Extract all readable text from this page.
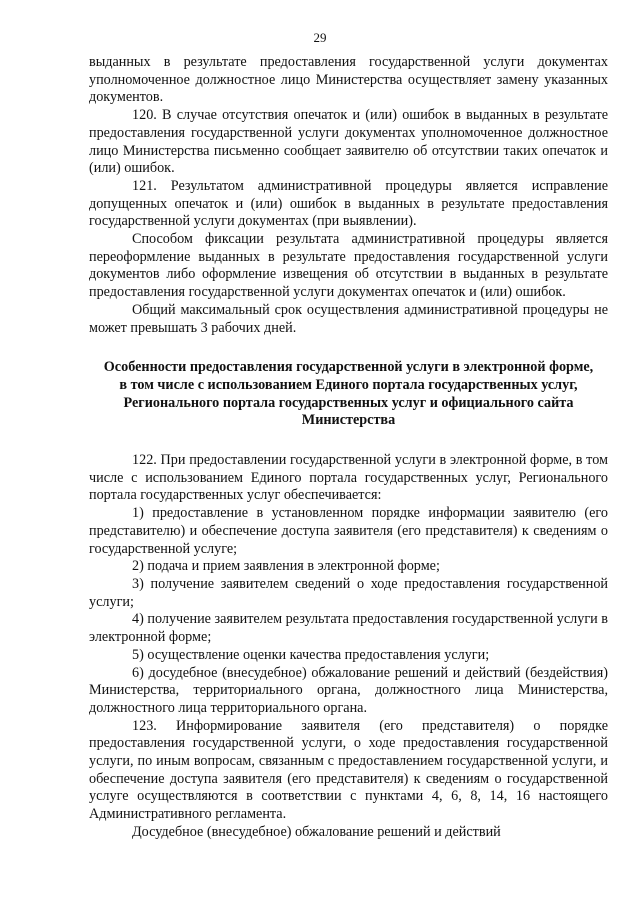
29

выданных в результате предоставления государственной услуги документах уполномоченное должностное лицо Министерства осуществляет замену указанных документов.

120. В случае отсутствия опечаток и (или) ошибок в выданных в результате предоставления государственной услуги документах уполномоченное должностное лицо Министерства письменно сообщает заявителю об отсутствии таких опечаток и (или) ошибок.

121. Результатом административной процедуры является исправление допущенных опечаток и (или) ошибок в выданных в результате предоставления государственной услуги документах (при выявлении).

Способом фиксации результата административной процедуры является переоформление выданных в результате предоставления государственной услуги документов либо оформление извещения об отсутствии в выданных в результате предоставления государственной услуги документах опечаток и (или) ошибок.

Общий максимальный срок осуществления административной процедуры не может превышать 3 рабочих дней.

Особенности предоставления государственной услуги в электронной форме, в том числе с использованием Единого портала государственных услуг, Регионального портала государственных услуг и официального сайта Министерства

122. При предоставлении государственной услуги в электронной форме, в том числе с использованием Единого портала государственных услуг, Регионального портала государственных услуг обеспечивается:

1) предоставление в установленном порядке информации заявителю (его представителю) и обеспечение доступа заявителя (его представителя) к сведениям о государственной услуге;

2) подача и прием заявления в электронной форме;

3) получение заявителем сведений о ходе предоставления государственной услуги;

4) получение заявителем результата предоставления государственной услуги в электронной форме;

5) осуществление оценки качества предоставления услуги;

6) досудебное (внесудебное) обжалование решений и действий (бездействия) Министерства, территориального органа, должностного лица Министерства, должностного лица территориального органа.

123. Информирование заявителя (его представителя) о порядке предоставления государственной услуги, о ходе предоставления государственной услуги, по иным вопросам, связанным с предоставлением государственной услуги, и обеспечение доступа заявителя (его представителя) к сведениям о государственной услуге осуществляются в соответствии с пунктами 4, 6, 8, 14, 16 настоящего Административного регламента.

Досудебное (внесудебное) обжалование решений и действий
